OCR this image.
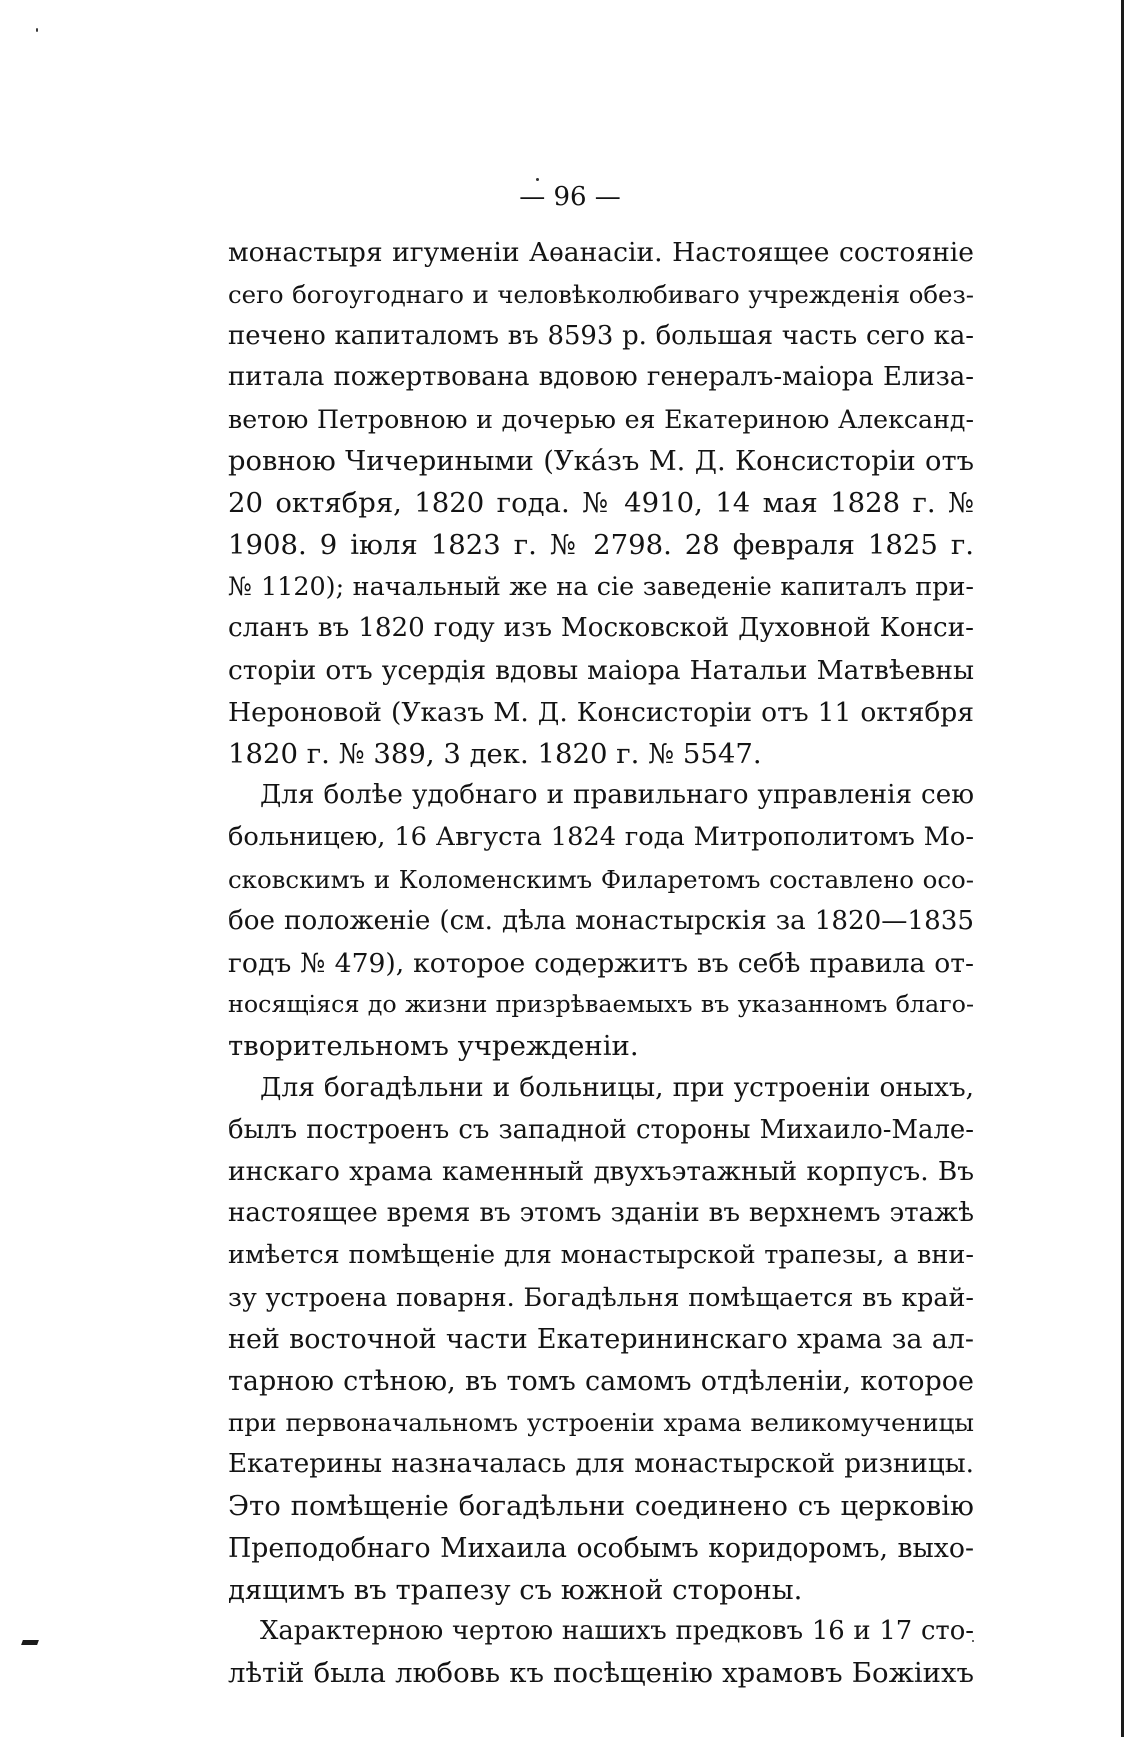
— 96 —

монастыря игуменіи Аѳанасіи. Настоящее состояніе
сего богоугоднаго и человѣколюбиваго учрежденія обез-
печено капиталомъ въ 8593 р. большая часть сего ка-
питала пожертвована вдовою генералъ-маіора Елиза-
ветою Петровною и дочерью ея Екатериною Александ-
ровною Чичериными (Укáзъ М. Д. Консисторіи отъ
20 октября, 1820 года. № 4910, 14 мая 1828 г. №
1908. 9 іюля 1823 г. № 2798. 28 февраля 1825 г.
№ 1120); начальный же на сіе заведеніе капиталъ при-
сланъ въ 1820 году изъ Московской Духовной Конси-
сторіи отъ усердія вдовы маіора Натальи Матвѣевны
Нероновой (Указъ М. Д. Консисторіи отъ 11 октября
1820 г. № 389, 3 дек. 1820 г. № 5547.

Для болѣе удобнаго и правильнаго управленія сею
больницею, 16 Августа 1824 года Митрополитомъ Мо-
сковскимъ и Коломенскимъ Филаретомъ составлено осо-
бое положеніе (см. дѣла монастырскія за 1820—1835
годъ № 479), которое содержитъ въ себѣ правила от-
носящіяся до жизни призрѣваемыхъ въ указанномъ благо-
творительномъ учрежденіи.

Для богадѣльни и больницы, при устроеніи оныхъ,
былъ построенъ съ западной стороны Михаило-Мале-
инскаго храма каменный двухъэтажный корпусъ. Въ
настоящее время въ этомъ зданіи въ верхнемъ этажѣ
имѣется помѣщеніе для монастырской трапезы, а вни-
зу устроена поварня. Богадѣльня помѣщается въ край-
ней восточной части Екатерининскаго храма за ал-
тарною стѣною, въ томъ самомъ отдѣленіи, которое
при первоначальномъ устроеніи храма великомученицы
Екатерины назначалась для монастырской ризницы.
Это помѣщеніе богадѣльни соединено съ церковію
Преподобнаго Михаила особымъ коридоромъ, выхо-
дящимъ въ трапезу съ южной стороны.

Характерною чертою нашихъ предковъ 16 и 17 сто-
лѣтій была любовь къ посѣщенію храмовъ Божіихъ
